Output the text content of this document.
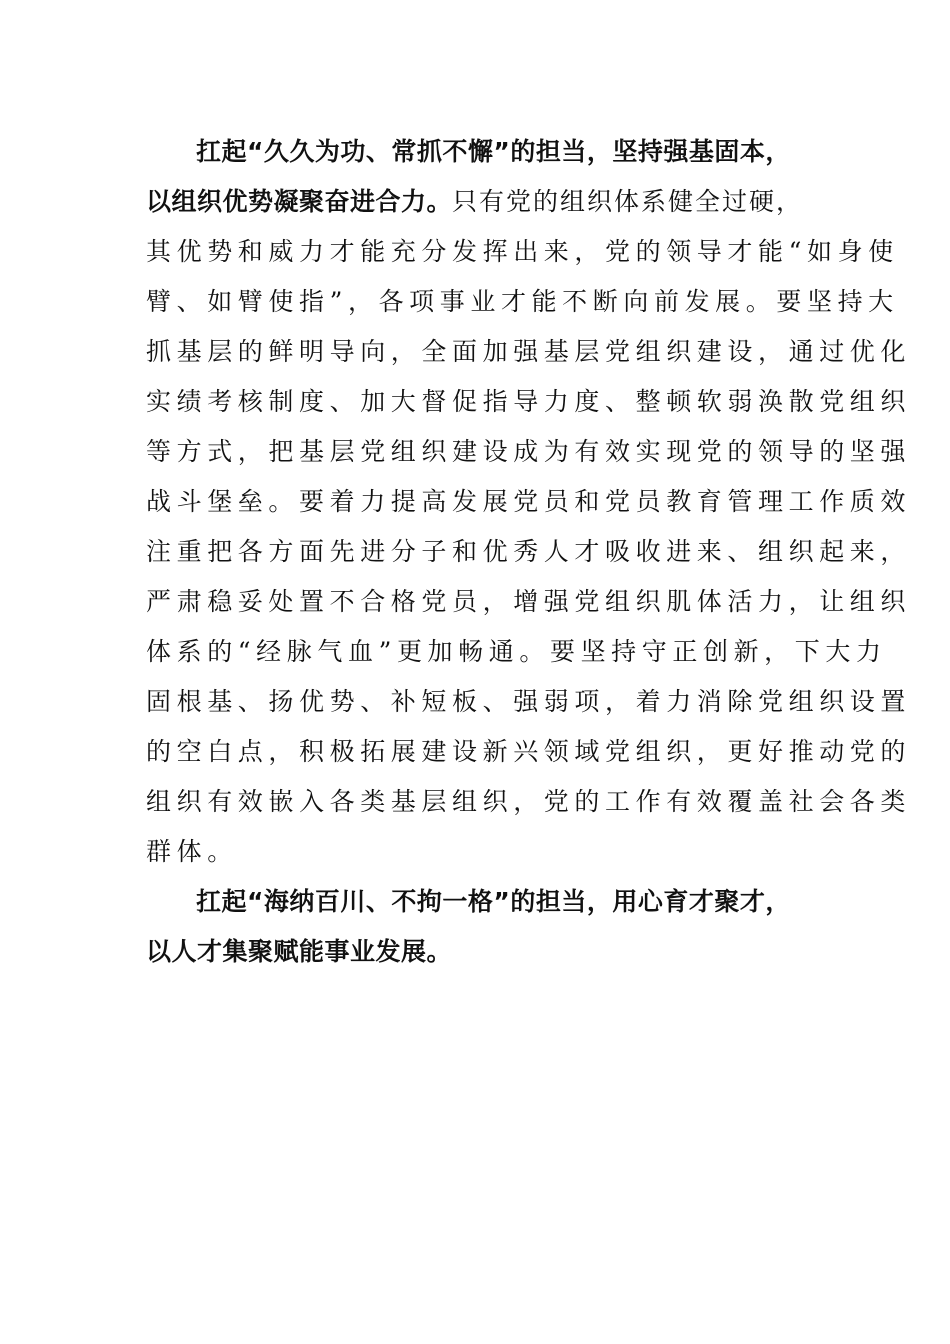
扛起“久久为功、常抓不懈”的担当，坚持强基固本，
以组织优势凝聚奋进合力。只有党的组织体系健全过硬，
其优势和威力才能充分发挥出来，党的领导才能“如身使
臂、如臂使指”，各项事业才能不断向前发展。要坚持大
抓基层的鲜明导向，全面加强基层党组织建设，通过优化
实绩考核制度、加大督促指导力度、整顿软弱涣散党组织
等方式，把基层党组织建设成为有效实现党的领导的坚强
战斗堡垒。要着力提高发展党员和党员教育管理工作质效
注重把各方面先进分子和优秀人才吸收进来、组织起来，
严肃稳妥处置不合格党员，增强党组织肌体活力，让组织
体系的“经脉气血”更加畅通。要坚持守正创新，下大力
固根基、扬优势、补短板、强弱项，着力消除党组织设置
的空白点，积极拓展建设新兴领域党组织，更好推动党的
组织有效嵌入各类基层组织，党的工作有效覆盖社会各类
群体。
扛起“海纳百川、不拘一格”的担当，用心育才聚才，
以人才集聚赋能事业发展。
